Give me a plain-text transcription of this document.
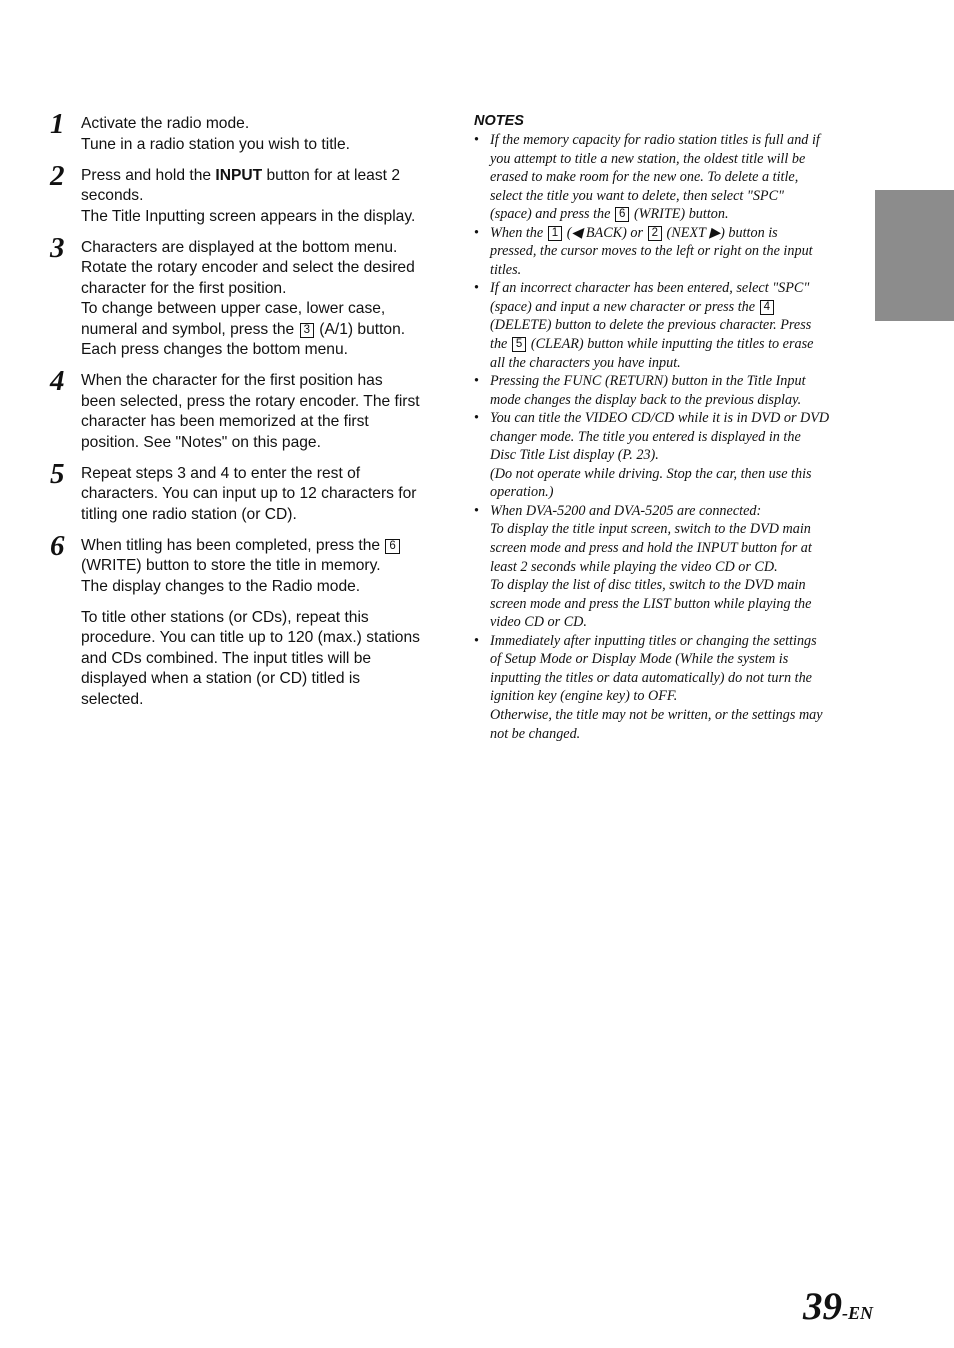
1 Activate the radio mode.
Tune in a radio station you wish to title.
2 Press and hold the INPUT button for at least 2
seconds.
The Title Inputting screen appears in the display.
3 Characters are displayed at the bottom menu.
Rotate the rotary encoder and select the desired
character for the first position.
To change between upper case, lower case,
numeral and symbol, press the 3 (A/1) button.
Each press changes the bottom menu.
4 When the character for the first position has
been selected, press the rotary encoder. The first
character has been memorized at the first
position. See "Notes" on this page.
5 Repeat steps 3 and 4 to enter the rest of
characters. You can input up to 12 characters for
titling one radio station (or CD).
6 When titling has been completed, press the 6
(WRITE) button to store the title in memory.
The display changes to the Radio mode.
To title other stations (or CDs), repeat this
procedure. You can title up to 120 (max.) stations
and CDs combined. The input titles will be
displayed when a station (or CD) titled is
selected.
NOTES
• If the memory capacity for radio station titles is full and if
you attempt to title a new station, the oldest title will be
erased to make room for the new one. To delete a title,
select the title you want to delete, then select "SPC"
(space) and press the 6 (WRITE) button.
• When the 1 (◀ BACK) or 2 (NEXT ▶) button is
pressed, the cursor moves to the left or right on the input
titles.
• If an incorrect character has been entered, select "SPC"
(space) and input a new character or press the 4
(DELETE) button to delete the previous character. Press
the 5 (CLEAR) button while inputting the titles to erase
all the characters you have input.
• Pressing the FUNC (RETURN) button in the Title Input
mode changes the display back to the previous display.
• You can title the VIDEO CD/CD while it is in DVD or DVD
changer mode. The title you entered is displayed in the
Disc Title List display (P. 23).
(Do not operate while driving. Stop the car, then use this
operation.)
• When DVA-5200 and DVA-5205 are connected:
To display the title input screen, switch to the DVD main
screen mode and press and hold the INPUT button for at
least 2 seconds while playing the video CD or CD.
To display the list of disc titles, switch to the DVD main
screen mode and press the LIST button while playing the
video CD or CD.
• Immediately after inputting titles or changing the settings
of Setup Mode or Display Mode (While the system is
inputting the titles or data automatically) do not turn the
ignition key (engine key) to OFF.
Otherwise, the title may not be written, or the settings may
not be changed.
39-EN
